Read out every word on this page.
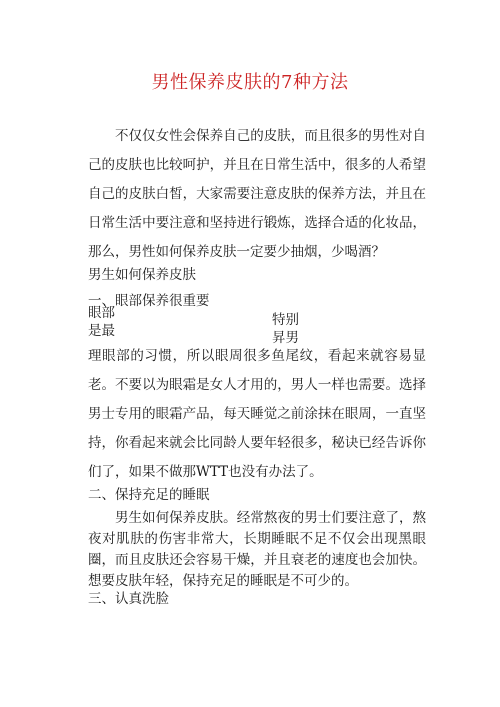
男性保养皮肤的7种方法

不仅仅女性会保养自己的皮肤，而且很多的男性对自己的皮肤也比较呵护，并且在日常生活中，很多的人希望自己的皮肤白皙，大家需要注意皮肤的保养方法，并且在日常生活中要注意和坚持进行锻炼，选择合适的化妆品，那么，男性如何保养皮肤一定要少抽烟，少喝酒？

男生如何保养皮肤

一、眼部保养很重要

眼部

是最

特别

昇男

理眼部的习惯，所以眼周很多鱼尾纹，看起来就容易显老。不要以为眼霜是女人才用的，男人一样也需要。选择男士专用的眼霜产品，每天睡觉之前涂抹在眼周，一直坚持，你看起来就会比同龄人要年轻很多，秘诀已经告诉你们了，如果不做那WTT也没有办法了。

二、保持充足的睡眠

男生如何保养皮肤。经常熬夜的男士们要注意了，熬夜对肌肤的伤害非常大，长期睡眠不足不仅会出现黑眼圈，而且皮肤还会容易干燥，并且衰老的速度也会加快。想要皮肤年轻，保持充足的睡眠是不可少的。

三、认真洗脸
